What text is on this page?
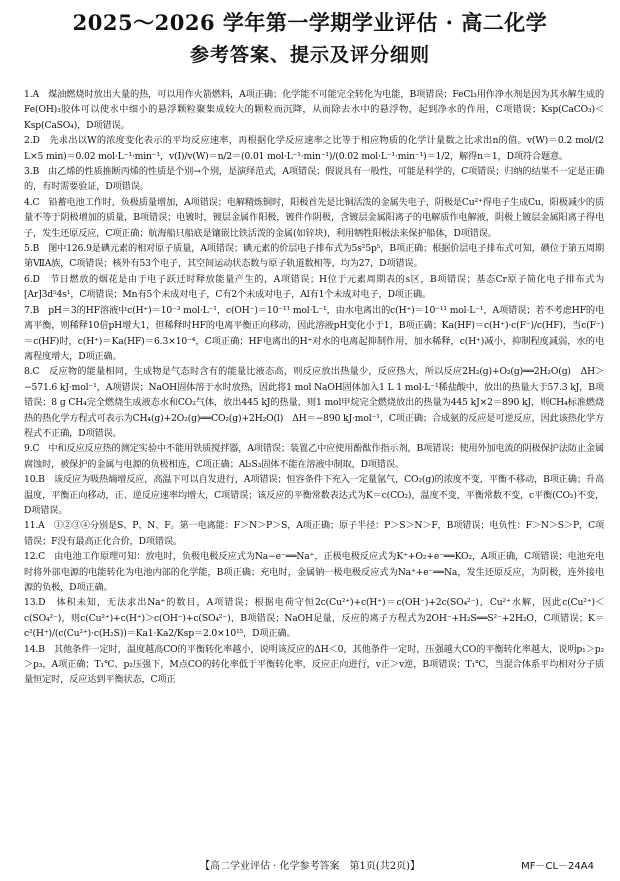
2025～2026 学年第一学期学业评估 · 高二化学
参考答案、提示及评分细则

1.A　煤油燃烧时放出大量的热，可以用作火箭燃料，A项正确；化学能不可能完全转化为电能，B项错误；FeCl₃用作净水剂是因为其水解生成的Fe(OH)₃胶体可以使水中细小的悬浮颗粒聚集成较大的颗粒而沉降，从而除去水中的悬浮物，起到净水的作用，C项错误；Ksp(CaCO₃)＜Ksp(CaSO₄)，D项错误。

2.D　先求出以W的浓度变化表示的平均反应速率，再根据化学反应速率之比等于相应物质的化学计量数之比求出n的值。v(W)＝0.2 mol/(2 L×5 min)＝0.02 mol·L⁻¹·min⁻¹，v(Ⅰ)/v(W)＝n/2＝(0.01 mol·L⁻¹·min⁻¹)/(0.02 mol·L⁻¹·min⁻¹)＝1/2，解得n＝1，D项符合题意。

3.B　由乙烯的性质推断丙烯的性质是个别→个别，是演绎范式，A项错误；假说具有一般性，可能是科学的，C项错误；归纳的结果不一定是正确的，有时需要验证，D项错误。

4.C　铅蓄电池工作时，负极质量增加，A项错误；电解精炼铜时，阳极首先是比铜活泼的金属失电子，阴极是Cu²⁺得电子生成Cu，阳极减少的质量不等于阴极增加的质量，B项错误；电镀时，镀层金属作阳极，镀件作阴极，含镀层金属阳离子的电解质作电解液，阴极上镀层金属阳离子得电子，发生还原反应，C项正确；航海船只船底是镶嵌比铁活泼的金属(如锌块)，利用牺牲阳极法来保护船体，D项错误。

5.B　图中126.9是碘元素的相对原子质量，A项错误；碘元素的价层电子排布式为5s²5p⁵，B项正确；根据价层电子排布式可知，碘位于第五周期第ⅦA族，C项错误；核外有53个电子，其空间运动状态数与原子轨道数相等，均为27，D项错误。

6.D　节日燃放的烟花是由于电子跃迁时释放能量产生的，A项错误；H位于元素周期表的s区，B项错误；基态Cr原子简化电子排布式为[Ar]3d⁵4s¹，C项错误；Mn有5个未成对电子，C有2个未成对电子，Al有1个未成对电子，D项正确。

7.B　pH＝3的HF溶液中c(H⁺)＝10⁻³ mol·L⁻¹，c(OH⁻)＝10⁻¹¹ mol·L⁻¹，由水电离出的c(H⁺)＝10⁻¹¹ mol·L⁻¹，A项错误；若不考虑HF的电离平衡，则稀释10倍pH增大1，但稀释时HF的电离平衡正向移动，因此溶液pH变化小于1，B项正确；Ka(HF)＝c(H⁺)·c(F⁻)/c(HF)，当c(F⁻)＝c(HF)时，c(H⁺)＝Ka(HF)＝6.3×10⁻⁴，C项正确；HF电离出的H⁺对水的电离起抑制作用，加水稀释，c(H⁺)减小，抑制程度减弱，水的电离程度增大，D项正确。

8.C　反应物的能量相同，生成物是气态时含有的能量比液态高，则反应放出热量少，反应热大，所以反应2H₂(g)+O₂(g)══2H₂O(g)　ΔH＞−571.6 kJ·mol⁻¹，A项错误；NaOH固体溶于水时放热，因此将1 mol NaOH固体加入1 L 1 mol·L⁻¹稀盐酸中，放出的热量大于57.3 kJ，B项错误；8 g CH₄完全燃烧生成液态水和CO₂气体，放出445 kJ的热量，则1 mol甲烷完全燃烧放出的热量为445 kJ×2＝890 kJ，则CH₄标准燃烧热的热化学方程式可表示为CH₄(g)+2O₂(g)══CO₂(g)+2H₂O(l)　ΔH＝−890 kJ·mol⁻¹，C项正确；合成氨的反应是可逆反应，因此该热化学方程式不正确，D项错误。

9.C　中和反应反应热的测定实验中不能用铁质搅拌器，A项错误；装置乙中应使用酚酞作指示剂，B项错误；使用外加电流的阴极保护法防止金属腐蚀时，被保护的金属与电源的负极相连，C项正确；Al₂S₃固体不能在溶液中制取，D项错误。

10.B　该反应为吸热熵增反应，高温下可以自发进行，A项错误；恒容条件下充入一定量氩气，CO₂(g)的浓度不变，平衡不移动，B项正确；升高温度，平衡正向移动，正、逆反应速率均增大，C项错误；该反应的平衡常数表达式为K＝c(CO₂)，温度不变，平衡常数不变，c平衡(CO₂)不变，D项错误。

11.A　①②③④分别是S、P、N、F。第一电离能：F＞N＞P＞S，A项正确；原子半径：P＞S＞N＞F，B项错误；电负性：F＞N＞S＞P，C项错误；F没有最高正化合价，D项错误。

12.C　由电池工作原理可知：放电时，负极电极反应式为Na−e⁻══Na⁺，正极电极反应式为K⁺+O₂+e⁻══KO₂，A项正确，C项错误；电池充电时将外部电源的电能转化为电池内部的化学能，B项正确；充电时，金属钠一极电极反应式为Na⁺+e⁻══Na，发生还原反应，为阴极，连外接电源的负极，D项正确。

13.D　体积未知，无法求出Na⁺的数目，A项错误；根据电荷守恒2c(Cu²⁺)+c(H⁺)＝c(OH⁻)+2c(SO₄²⁻)，Cu²⁺水解，因此c(Cu²⁺)＜c(SO₄²⁻)，则c(Cu²⁺)+c(H⁺)＞c(OH⁻)+c(SO₄²⁻)，B项错误；NaOH足量，反应的离子方程式为2OH⁻+H₂S══S²⁻+2H₂O，C项错误；K＝c²(H⁺)/(c(Cu²⁺)·c(H₂S))＝Ka1·Ka2/Ksp＝2.0×10¹⁵，D项正确。

14.B　其他条件一定时，温度越高CO的平衡转化率越小，说明该反应的ΔH＜0，其他条件一定时，压强越大CO的平衡转化率越大，说明p₁＞p₂＞p₃，A项正确；T₁℃、p₂压强下，M点CO的转化率低于平衡转化率，反应正向进行，v正＞v逆，B项错误；T₁℃，当混合体系平均相对分子质量恒定时，反应达到平衡状态，C项正

【高二学业评估 · 化学参考答案　第1页(共2页)】	MF－CL－24A4
